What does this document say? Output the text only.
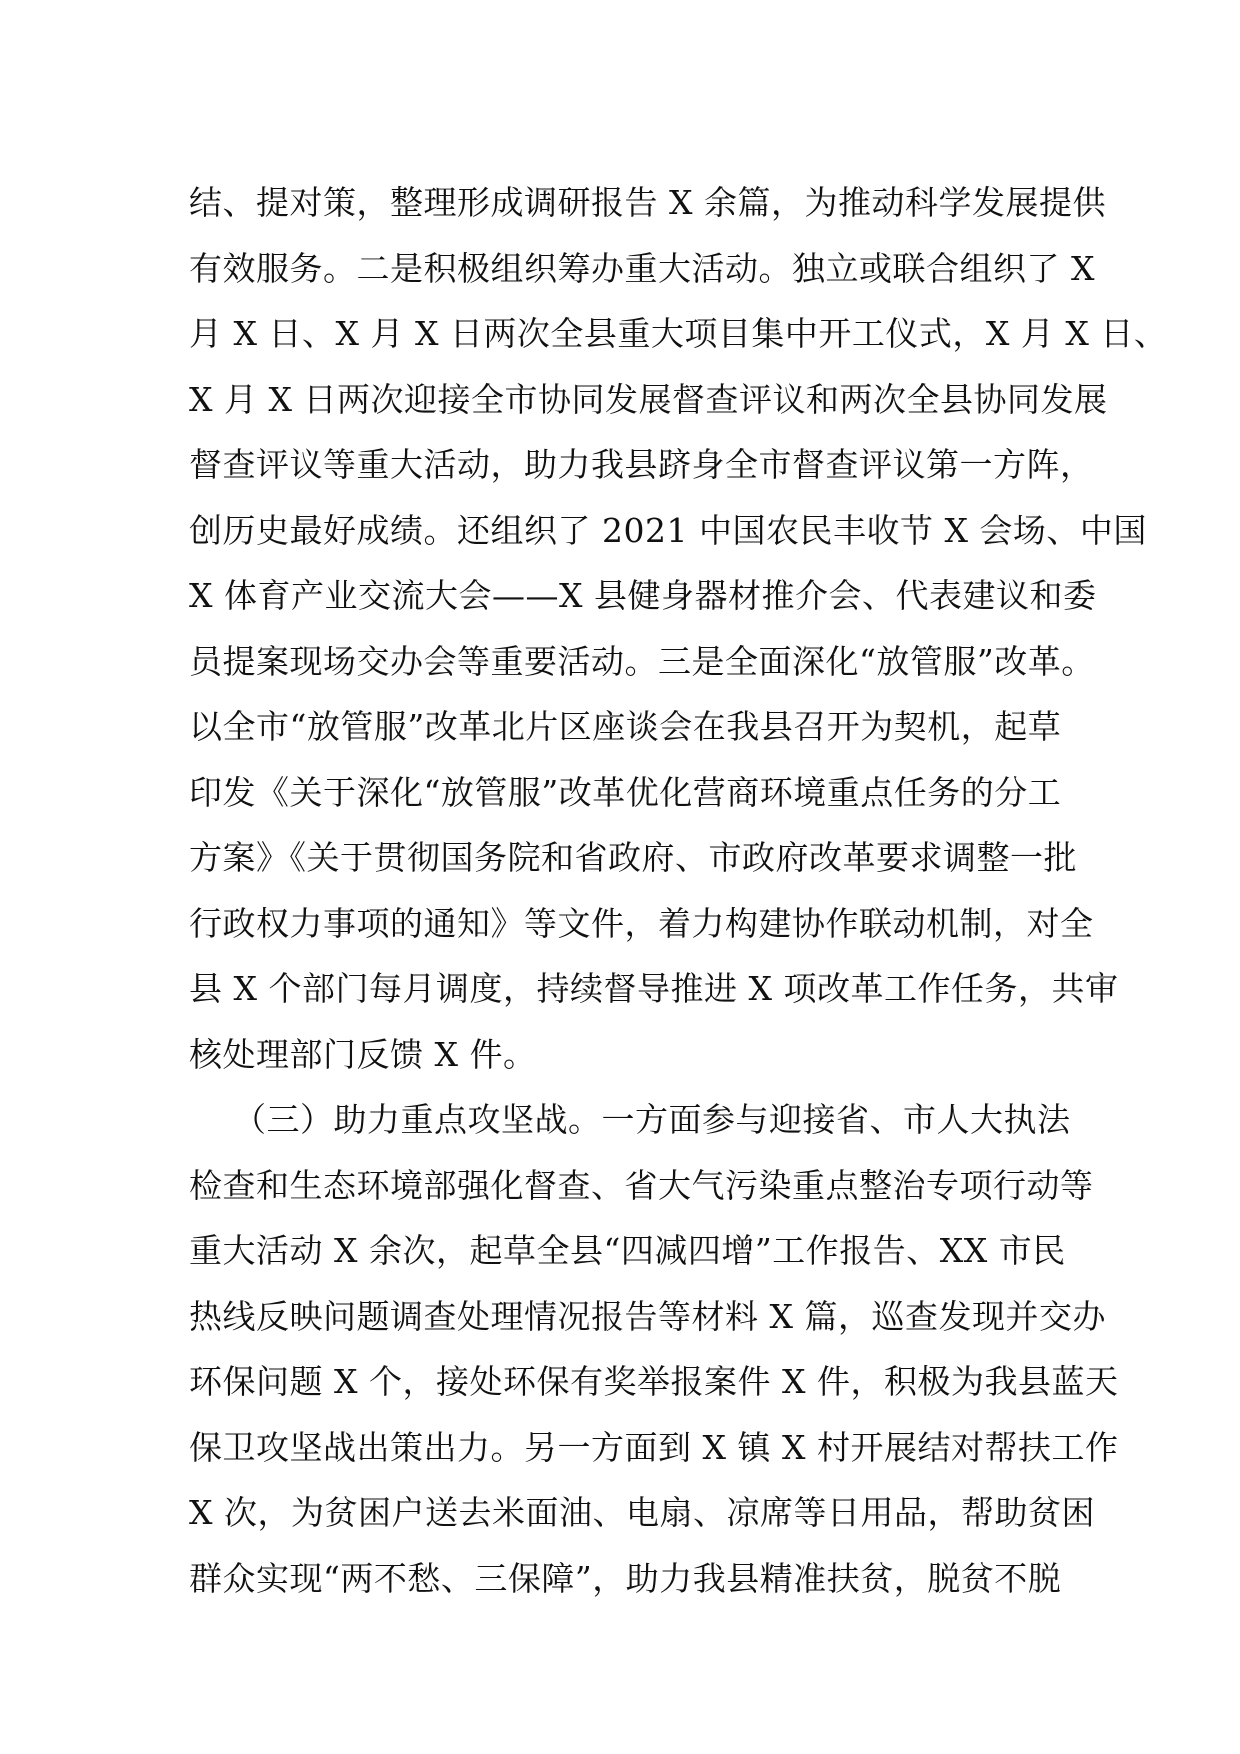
结、提对策，整理形成调研报告 X 余篇，为推动科学发展提供
有效服务。二是积极组织筹办重大活动。独立或联合组织了 X
月 X 日、X 月 X 日两次全县重大项目集中开工仪式，X 月 X 日、
X 月 X 日两次迎接全市协同发展督查评议和两次全县协同发展
督查评议等重大活动，助力我县跻身全市督查评议第一方阵，
创历史最好成绩。还组织了 2021 中国农民丰收节 X 会场、中国
X 体育产业交流大会——X 县健身器材推介会、代表建议和委
员提案现场交办会等重要活动。三是全面深化“放管服”改革。
以全市“放管服”改革北片区座谈会在我县召开为契机，起草
印发《关于深化“放管服”改革优化营商环境重点任务的分工
方案》《关于贯彻国务院和省政府、市政府改革要求调整一批
行政权力事项的通知》等文件，着力构建协作联动机制，对全
县 X 个部门每月调度，持续督导推进 X 项改革工作任务，共审
核处理部门反馈 X 件。
（三）助力重点攻坚战。一方面参与迎接省、市人大执法
检查和生态环境部强化督查、省大气污染重点整治专项行动等
重大活动 X 余次，起草全县“四减四增”工作报告、XX 市民
热线反映问题调查处理情况报告等材料 X 篇，巡查发现并交办
环保问题 X 个，接处环保有奖举报案件 X 件，积极为我县蓝天
保卫攻坚战出策出力。另一方面到 X 镇 X 村开展结对帮扶工作
X 次，为贫困户送去米面油、电扇、凉席等日用品，帮助贫困
群众实现“两不愁、三保障”，助力我县精准扶贫，脱贫不脱
